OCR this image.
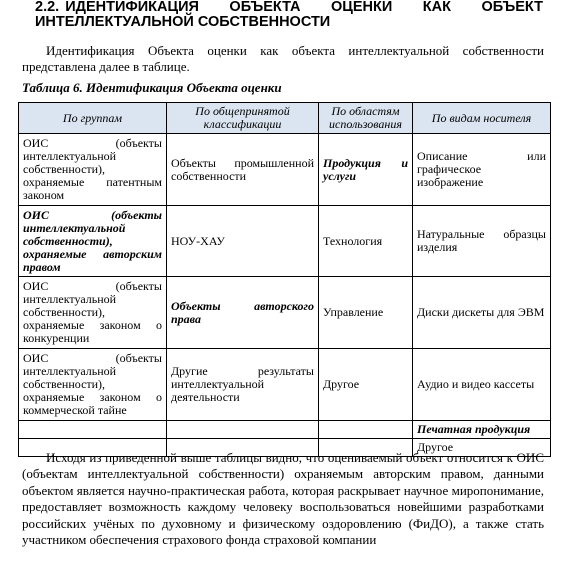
2.2. ИДЕНТИФИКАЦИЯ ОБЪЕКТА ОЦЕНКИ КАК ОБЪЕКТ ИНТЕЛЛЕКТУАЛЬНОЙ СОБСТВЕННОСТИ
Идентификация Объекта оценки как объекта интеллектуальной собственности представлена далее в таблице.
Таблица 6. Идентификация Объекта оценки
По группам	По общепринятой классификации	По областям использования	По видам носителя
ОИС (объекты интеллектуальной собственности), охраняемые патентным законом	Объекты промышленной собственности	Продукция и услуги	Описание или графическое изображение
ОИС (объекты интеллектуальной собственности), охраняемые авторским правом	НОУ-ХАУ	Технология	Натуральные образцы изделия
ОИС (объекты интеллектуальной собственности), охраняемые законом о конкуренции	Объекты авторского права	Управление	Диски дискеты для ЭВМ
ОИС (объекты интеллектуальной собственности), охраняемые законом о коммерческой тайне	Другие результаты интеллектуальной деятельности	Другое	Аудио и видео кассеты
			Печатная продукция
			Другое
Исходя из приведенной выше таблицы видно, что оцениваемый объект относится к ОИС (объектам интеллектуальной собственности) охраняемым авторским правом, данными объектом является научно-практическая работа, которая раскрывает научное миропонимание, предоставляет возможность каждому человеку воспользоваться новейшими разработками российских учёных по духовному и физическому оздоровлению (ФиДО), а также стать участником обеспечения страхового фонда страховой компании
